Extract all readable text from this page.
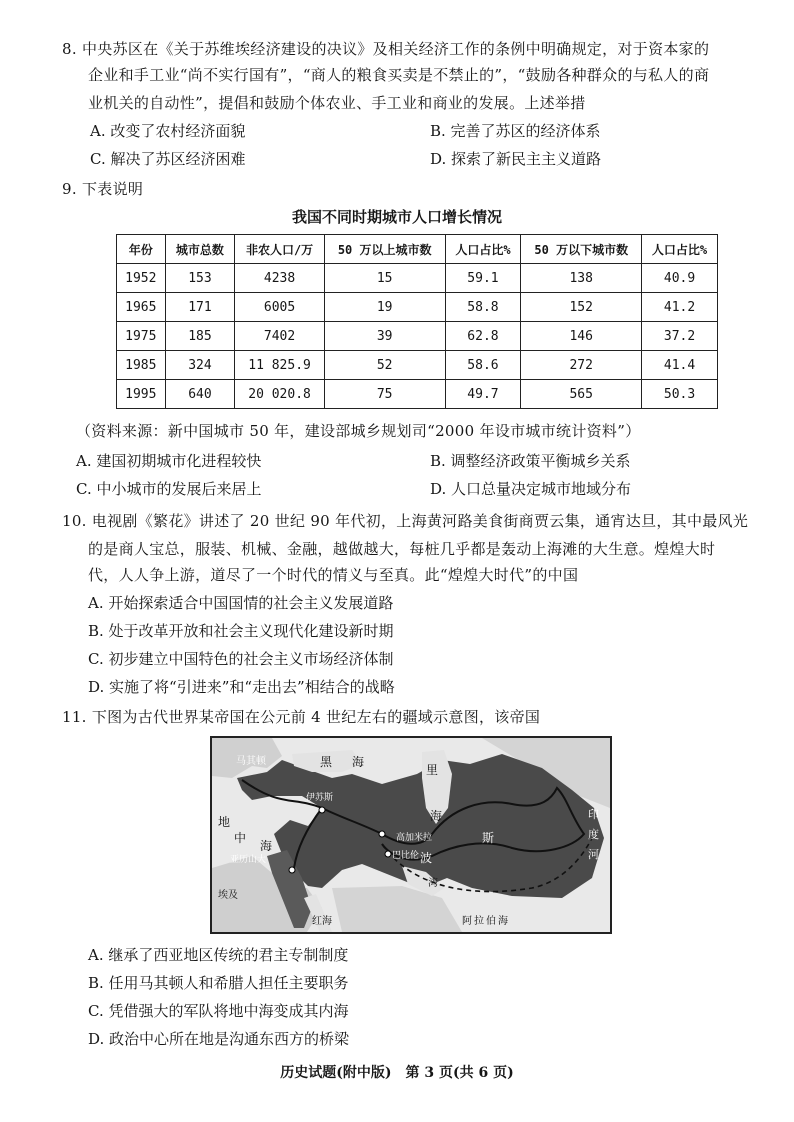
8. 中央苏区在《关于苏维埃经济建设的决议》及相关经济工作的条例中明确规定，对于资本家的
企业和手工业“尚不实行国有”，“商人的粮食买卖是不禁止的”，“鼓励各种群众的与私人的商
业机关的自动性”，提倡和鼓励个体农业、手工业和商业的发展。上述举措
A. 改变了农村经济面貌	B. 完善了苏区的经济体系
C. 解决了苏区经济困难	D. 探索了新民主主义道路
9. 下表说明
我国不同时期城市人口增长情况
年份	城市总数	非农人口/万	50 万以上城市数	人口占比%	50 万以下城市数	人口占比%
1952	153	4238	15	59.1	138	40.9
1965	171	6005	19	58.8	152	41.2
1975	185	7402	39	62.8	146	37.2
1985	324	11 825.9	52	58.6	272	41.4
1995	640	20 020.8	75	49.7	565	50.3
（资料来源：新中国城市 50 年，建设部城乡规划司“2000 年设市城市统计资料”）
A. 建国初期城市化进程较快	B. 调整经济政策平衡城乡关系
C. 中小城市的发展后来居上	D. 人口总量决定城市地域分布
10. 电视剧《繁花》讲述了 20 世纪 90 年代初，上海黄河路美食街商贾云集，通宵达旦，其中最风光
的是商人宝总，服装、机械、金融，越做越大，每桩几乎都是轰动上海滩的大生意。煌煌大时
代，人人争上游，道尽了一个时代的情义与至真。此“煌煌大时代”的中国
A. 开始探索适合中国国情的社会主义发展道路
B. 处于改革开放和社会主义现代化建设新时期
C. 初步建立中国特色的社会主义市场经济体制
D. 实施了将“引进来”和“走出去”相结合的战略
11. 下图为古代世界某帝国在公元前 4 世纪左右的疆域示意图，该帝国
马其顿	黑 海
里
海
地
中
海
亚历山大
埃及
红海
波
斯
高加米拉
巴比伦
伊苏斯
阿 拉 伯 海
印
度
河
湾
A. 继承了西亚地区传统的君主专制制度
B. 任用马其顿人和希腊人担任主要职务
C. 凭借强大的军队将地中海变成其内海
D. 政治中心所在地是沟通东西方的桥梁
历史试题(附中版)　第 3 页(共 6 页)
